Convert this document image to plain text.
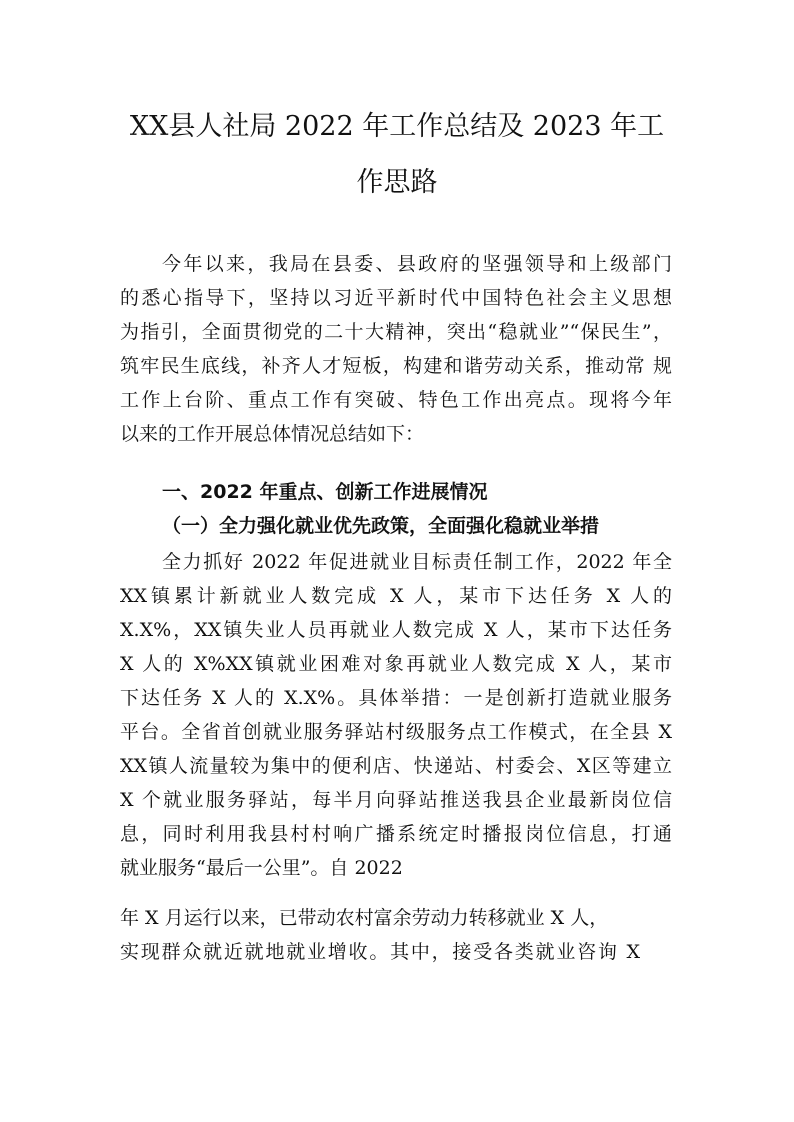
XX县人社局 2022 年工作总结及 2023 年工
作思路
今年以来，我局在县委、县政府的坚强领导和上级部门
的悉心指导下，坚持以习近平新时代中国特色社会主义思想
为指引，全面贯彻党的二十大精神，突出“稳就业”“保民生”，
筑牢民生底线，补齐人才短板，构建和谐劳动关系，推动常 规
工作上台阶、重点工作有突破、特色工作出亮点。现将今年
以来的工作开展总体情况总结如下：
一、2022 年重点、创新工作进展情况
（一）全力强化就业优先政策，全面强化稳就业举措
全力抓好 2022 年促进就业目标责任制工作，2022 年全
XX镇累计新就业人数完成 X 人，某市下达任务 X 人的
X.X%，XX镇失业人员再就业人数完成 X 人，某市下达任务
X 人的 X%XX镇就业困难对象再就业人数完成 X 人，某市
下达任务 X 人的 X.X%。具体举措：一是创新打造就业服务
平台。全省首创就业服务驿站村级服务点工作模式，在全县 X
XX镇人流量较为集中的便利店、快递站、村委会、X区等建立
X 个就业服务驿站，每半月向驿站推送我县企业最新岗位信
息，同时利用我县村村响广播系统定时播报岗位信息，打通
就业服务“最后一公里”。自 2022
年 X 月运行以来，已带动农村富余劳动力转移就业 X 人，
实现群众就近就地就业增收。其中，接受各类就业咨询 X
